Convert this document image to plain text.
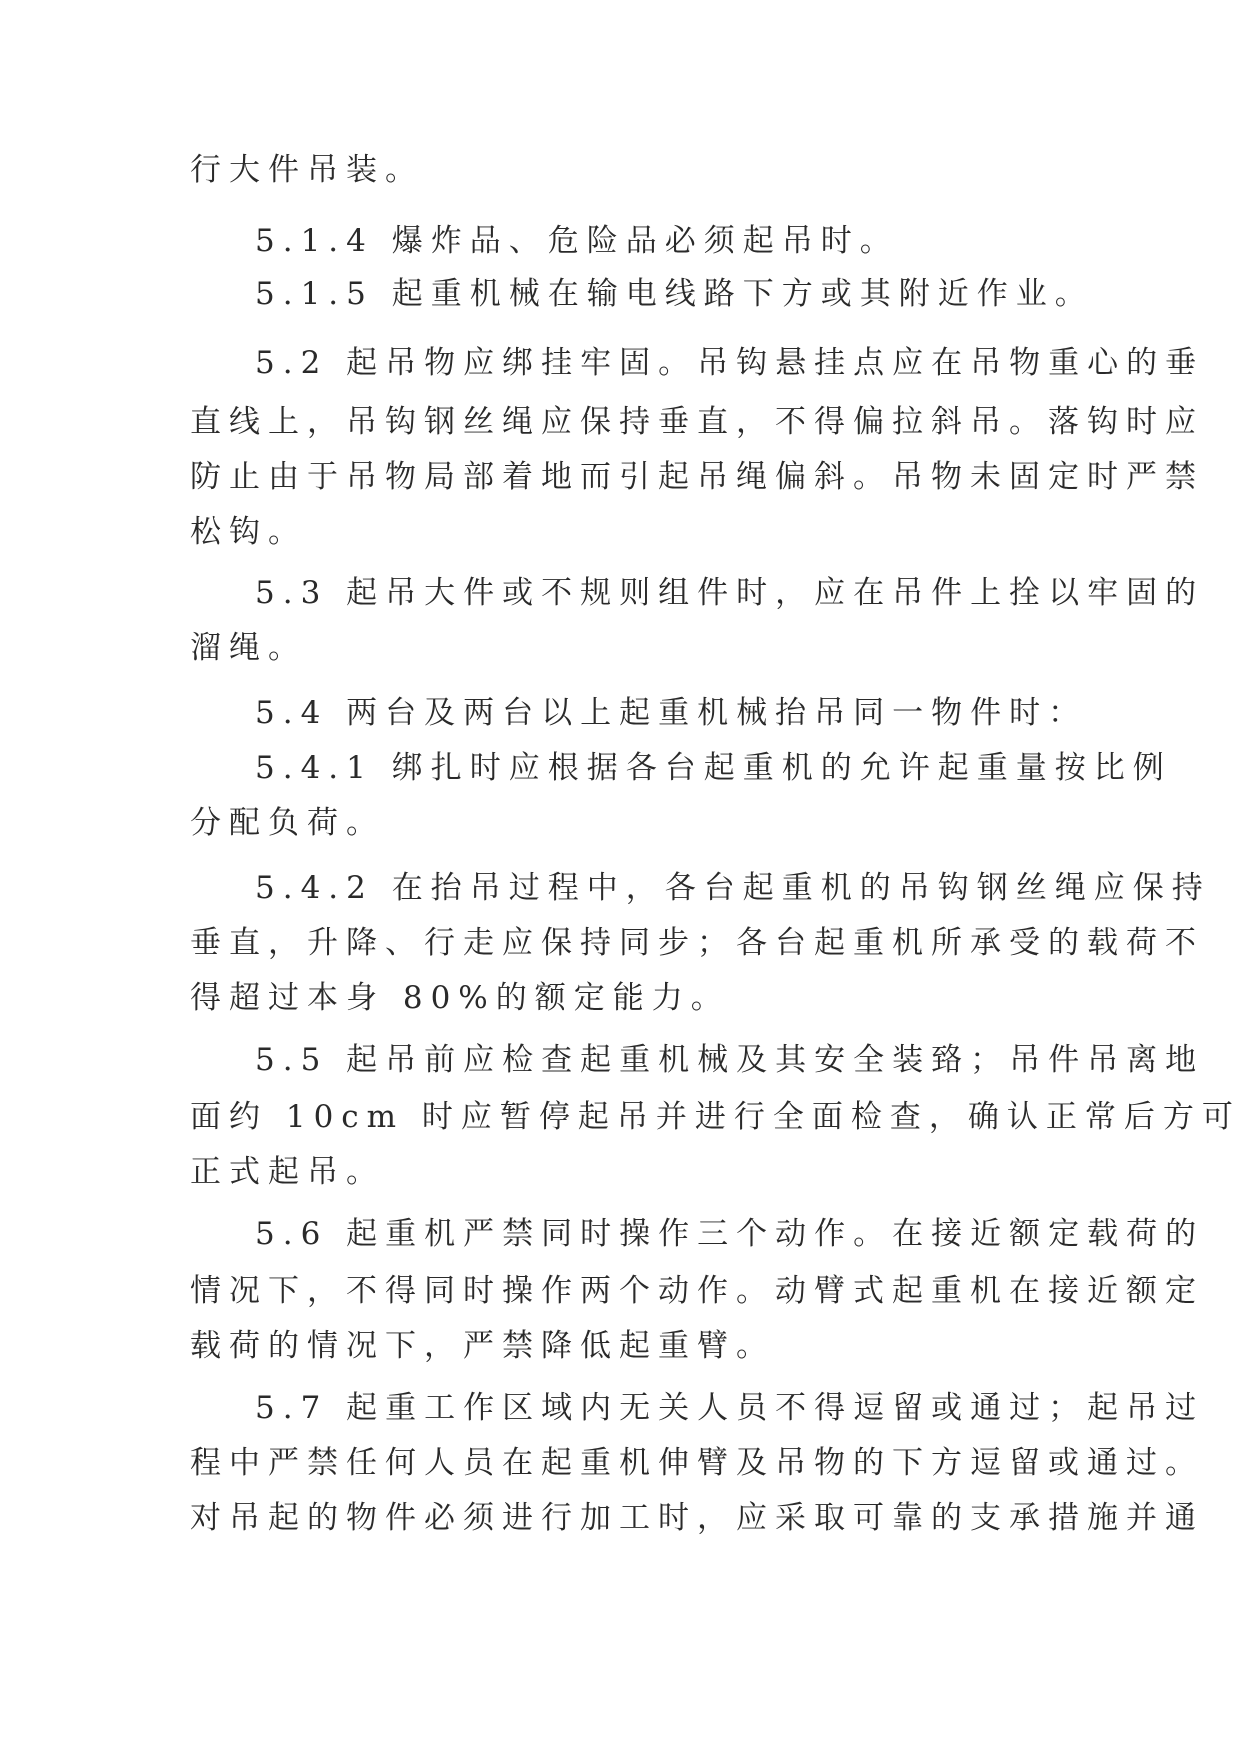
行大件吊装。
5.1.4 爆炸品、危险品必须起吊时。
5.1.5 起重机械在输电线路下方或其附近作业。
5.2 起吊物应绑挂牢固。吊钩悬挂点应在吊物重心的垂
直线上，吊钩钢丝绳应保持垂直，不得偏拉斜吊。落钩时应
防止由于吊物局部着地而引起吊绳偏斜。吊物未固定时严禁
松钩。
5.3 起吊大件或不规则组件时，应在吊件上拴以牢固的
溜绳。
5.4 两台及两台以上起重机械抬吊同一物件时：
5.4.1 绑扎时应根据各台起重机的允许起重量按比例
分配负荷。
5.4.2 在抬吊过程中，各台起重机的吊钩钢丝绳应保持
垂直，升降、行走应保持同步；各台起重机所承受的载荷不
得超过本身 80%的额定能力。
5.5 起吊前应检查起重机械及其安全装臵；吊件吊离地
面约 10cm 时应暂停起吊并进行全面检查，确认正常后方可
正式起吊。
5.6 起重机严禁同时操作三个动作。在接近额定载荷的
情况下，不得同时操作两个动作。动臂式起重机在接近额定
载荷的情况下，严禁降低起重臂。
5.7 起重工作区域内无关人员不得逗留或通过；起吊过
程中严禁任何人员在起重机伸臂及吊物的下方逗留或通过。
对吊起的物件必须进行加工时，应采取可靠的支承措施并通
